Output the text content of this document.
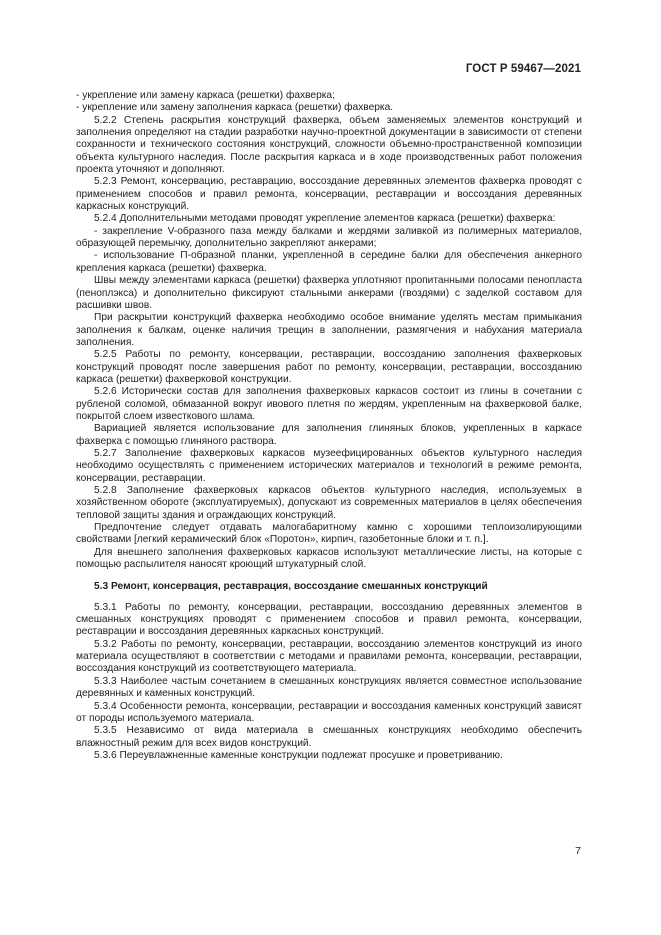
ГОСТ Р 59467—2021

- укрепление или замену каркаса (решетки) фахверка;

- укрепление или замену заполнения каркаса (решетки) фахверка.

5.2.2 Степень раскрытия конструкций фахверка, объем заменяемых элементов конструкций и заполнения определяют на стадии разработки научно-проектной документации в зависимости от степени сохранности и технического состояния конструкций, сложности объемно-пространственной композиции объекта культурного наследия. После раскрытия каркаса и в ходе производственных работ положения проекта уточняют и дополняют.

5.2.3 Ремонт, консервацию, реставрацию, воссоздание деревянных элементов фахверка проводят с применением способов и правил ремонта, консервации, реставрации и воссоздания деревянных каркасных конструкций.

5.2.4 Дополнительными методами проводят укрепление элементов каркаса (решетки) фахверка:

- закрепление V-образного паза между балками и жердями заливкой из полимерных материалов, образующей перемычку, дополнительно закрепляют анкерами;

- использование П-образной планки, укрепленной в середине балки для обеспечения анкерного крепления каркаса (решетки) фахверка.

Швы между элементами каркаса (решетки) фахверка уплотняют пропитанными полосами пенопласта (пеноплэкса) и дополнительно фиксируют стальными анкерами (гвоздями) с заделкой составом для расшивки швов.

При раскрытии конструкций фахверка необходимо особое внимание уделять местам примыкания заполнения к балкам, оценке наличия трещин в заполнении, размягчения и набухания материала заполнения.

5.2.5 Работы по ремонту, консервации, реставрации, воссозданию заполнения фахверковых конструкций проводят после завершения работ по ремонту, консервации, реставрации, воссозданию каркаса (решетки) фахверковой конструкции.

5.2.6 Исторически состав для заполнения фахверковых каркасов состоит из глины в сочетании с рубленой соломой, обмазанной вокруг ивового плетня по жердям, укрепленным на фахверковой балке, покрытой слоем известкового шлама.

Вариацией является использование для заполнения глиняных блоков, укрепленных в каркасе фахверка с помощью глиняного раствора.

5.2.7 Заполнение фахверковых каркасов музеефицированных объектов культурного наследия необходимо осуществлять с применением исторических материалов и технологий в режиме ремонта, консервации, реставрации.

5.2.8 Заполнение фахверковых каркасов объектов культурного наследия, используемых в хозяйственном обороте (эксплуатируемых), допускают из современных материалов в целях обеспечения тепловой защиты здания и ограждающих конструкций.

Предпочтение следует отдавать малогабаритному камню с хорошими теплоизолирующими свойствами [легкий керамический блок «Поротон», кирпич, газобетонные блоки и т. п.].

Для внешнего заполнения фахверковых каркасов используют металлические листы, на которые с помощью распылителя наносят кроющий штукатурный слой.

5.3 Ремонт, консервация, реставрация, воссоздание смешанных конструкций

5.3.1 Работы по ремонту, консервации, реставрации, воссозданию деревянных элементов в смешанных конструкциях проводят с применением способов и правил ремонта, консервации, реставрации и воссоздания деревянных каркасных конструкций.

5.3.2 Работы по ремонту, консервации, реставрации, воссозданию элементов конструкций из иного материала осуществляют в соответствии с методами и правилами ремонта, консервации, реставрации, воссоздания конструкций из соответствующего материала.

5.3.3 Наиболее частым сочетанием в смешанных конструкциях является совместное использование деревянных и каменных конструкций.

5.3.4 Особенности ремонта, консервации, реставрации и воссоздания каменных конструкций зависят от породы используемого материала.

5.3.5 Независимо от вида материала в смешанных конструкциях необходимо обеспечить влажностный режим для всех видов конструкций.

5.3.6 Переувлажненные каменные конструкции подлежат просушке и проветриванию.

7
